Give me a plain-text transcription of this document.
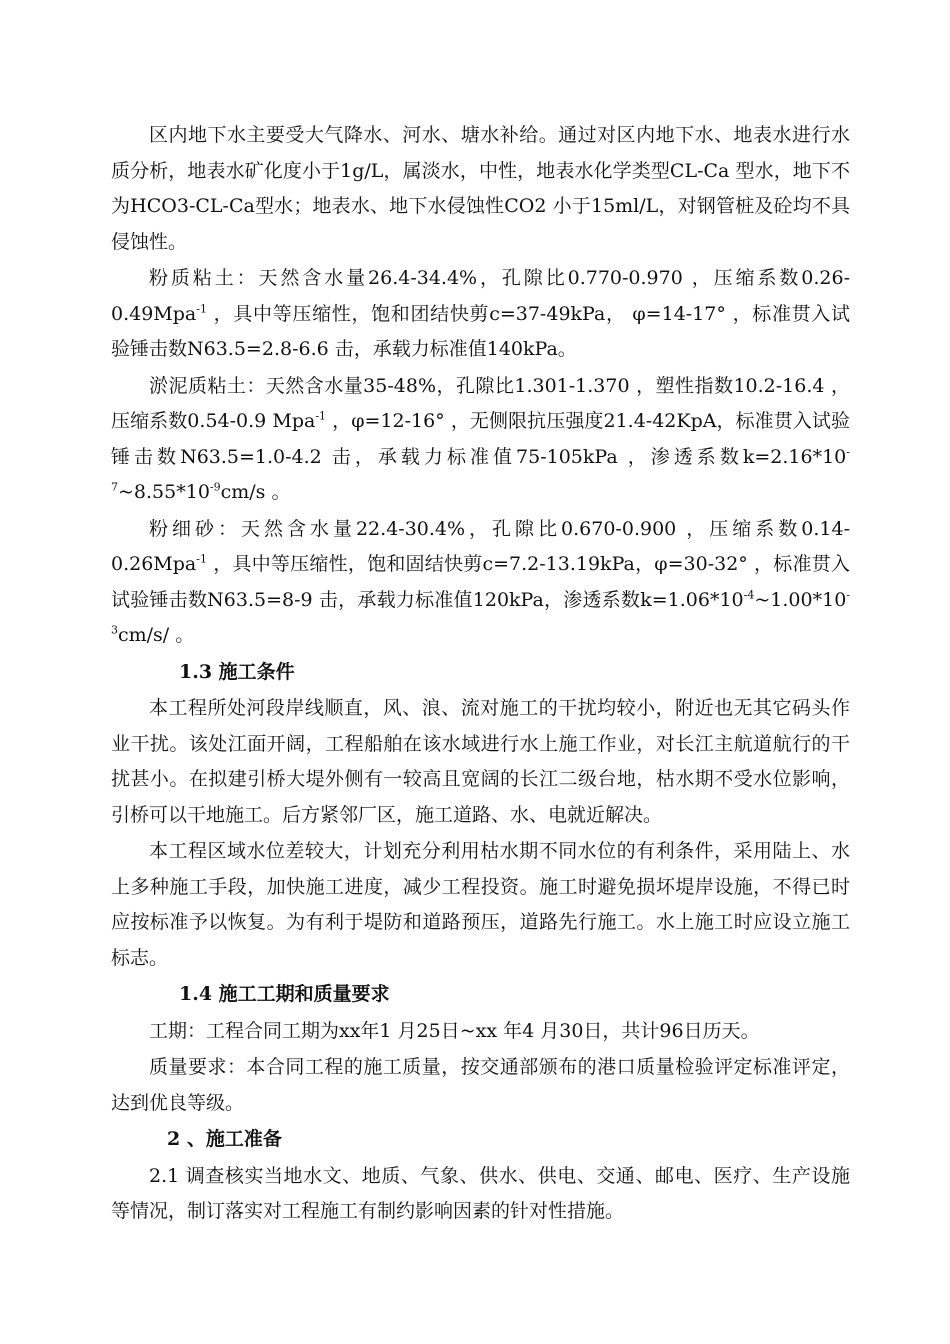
区内地下水主要受大气降水、河水、塘水补给。通过对区内地下水、地表水进行水质分析，地表水矿化度小于1g/L，属淡水，中性，地表水化学类型CL-Ca 型水，地下不为HCO3-CL-Ca型水；地表水、地下水侵蚀性CO2 小于15ml/L，对钢管桩及砼均不具侵蚀性。

粉质粘土：天然含水量26.4-34.4%，孔隙比0.770-0.970 ，压缩系数0.26-0.49Mpa$^{-1}$ ，具中等压缩性，饱和团结快剪c=37-49kPa， φ=14-17° ，标准贯入试验锤击数N63.5=2.8-6.6 击，承载力标准值140kPa。

淤泥质粘土：天然含水量35-48%，孔隙比1.301-1.370 ，塑性指数10.2-16.4 ，压缩系数0.54-0.9 Mpa$^{-1}$ ，φ=12-16° ，无侧限抗压强度21.4-42KpA，标准贯入试验锤击数N63.5=1.0-4.2 击，承载力标准值75-105kPa ，渗透系数$k=2.16*10^{-7}\sim 8.55*10^{-9}cm/s$ 。

粉细砂：天然含水量22.4-30.4%，孔隙比0.670-0.900 ，压缩系数0.14-0.26Mpa$^{-1}$ ，具中等压缩性，饱和固结快剪c=7.2-13.19kPa，φ=30-32° ，标准贯入试验锤击数N63.5=8-9 击，承载力标准值120kPa，渗透系数$k=1.06*10^{-4}\sim 1.00*10^{-3}cm/s/$ 。

1.3 施工条件

本工程所处河段岸线顺直，风、浪、流对施工的干扰均较小，附近也无其它码头作业干扰。该处江面开阔，工程船舶在该水域进行水上施工作业，对长江主航道航行的干扰甚小。在拟建引桥大堤外侧有一较高且宽阔的长江二级台地，枯水期不受水位影响，引桥可以干地施工。后方紧邻厂区，施工道路、水、电就近解决。

本工程区域水位差较大，计划充分利用枯水期不同水位的有利条件，采用陆上、水上多种施工手段，加快施工进度，减少工程投资。施工时避免损坏堤岸设施，不得已时应按标准予以恢复。为有利于堤防和道路预压，道路先行施工。水上施工时应设立施工标志。

1.4 施工工期和质量要求

工期：工程合同工期为xx年1 月25日~xx 年4 月30日，共计96日历天。

质量要求：本合同工程的施工质量，按交通部颁布的港口质量检验评定标准评定，达到优良等级。

2 、施工准备

2.1 调查核实当地水文、地质、气象、供水、供电、交通、邮电、医疗、生产设施等情况，制订落实对工程施工有制约影响因素的针对性措施。
